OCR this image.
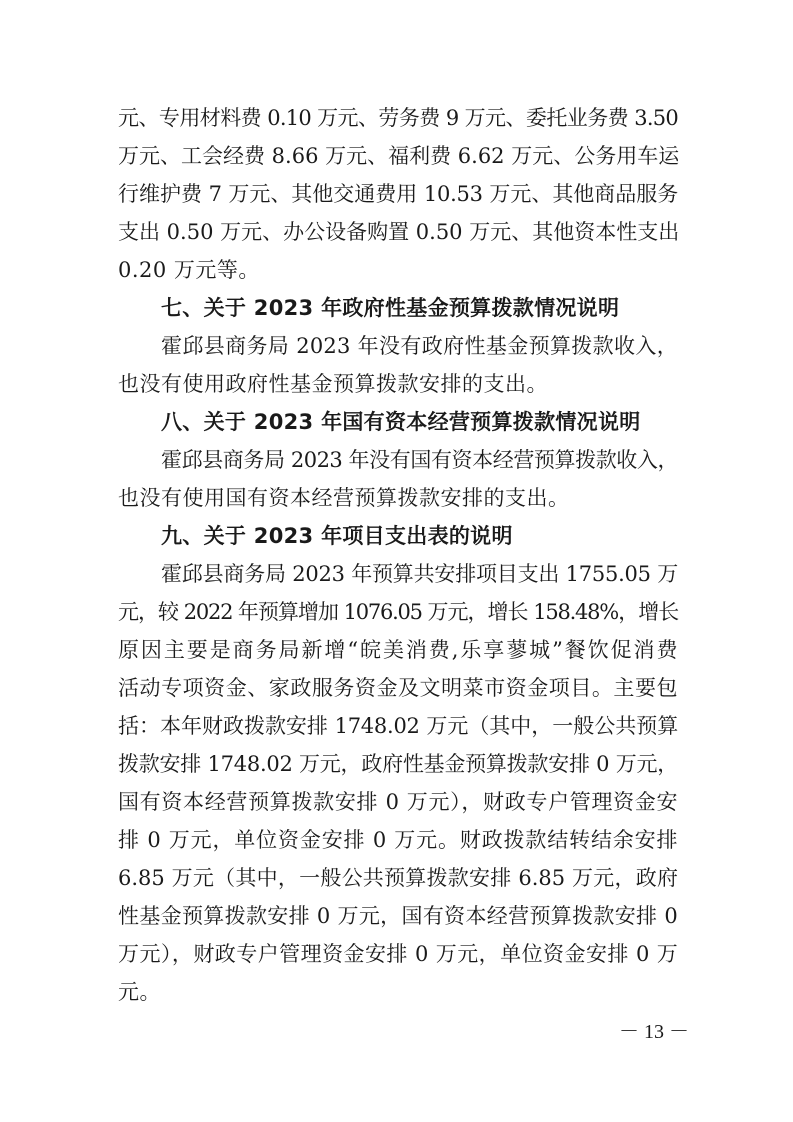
元、专用材料费 0.10 万元、劳务费 9 万元、委托业务费 3.50
万元、工会经费 8.66 万元、福利费 6.62 万元、公务用车运
行维护费 7 万元、其他交通费用 10.53 万元、其他商品服务
支出 0.50 万元、办公设备购置 0.50 万元、其他资本性支出
0.20 万元等。
七、关于 2023 年政府性基金预算拨款情况说明
霍邱县商务局 2023 年没有政府性基金预算拨款收入，
也没有使用政府性基金预算拨款安排的支出。
八、关于 2023 年国有资本经营预算拨款情况说明
霍邱县商务局 2023 年没有国有资本经营预算拨款收入，
也没有使用国有资本经营预算拨款安排的支出。
九、关于 2023 年项目支出表的说明
霍邱县商务局 2023 年预算共安排项目支出 1755.05 万
元，较 2022 年预算增加 1076.05 万元，增长 158.48%，增长
原因主要是商务局新增“皖美消费,乐享蓼城”餐饮促消费
活动专项资金、家政服务资金及文明菜市资金项目。主要包
括：本年财政拨款安排 1748.02 万元（其中，一般公共预算
拨款安排 1748.02 万元，政府性基金预算拨款安排 0 万元，
国有资本经营预算拨款安排 0 万元），财政专户管理资金安
排 0 万元，单位资金安排 0 万元。财政拨款结转结余安排
6.85 万元（其中，一般公共预算拨款安排 6.85 万元，政府
性基金预算拨款安排 0 万元，国有资本经营预算拨款安排 0
万元），财政专户管理资金安排 0 万元，单位资金安排 0 万
元。
－ 13 －
